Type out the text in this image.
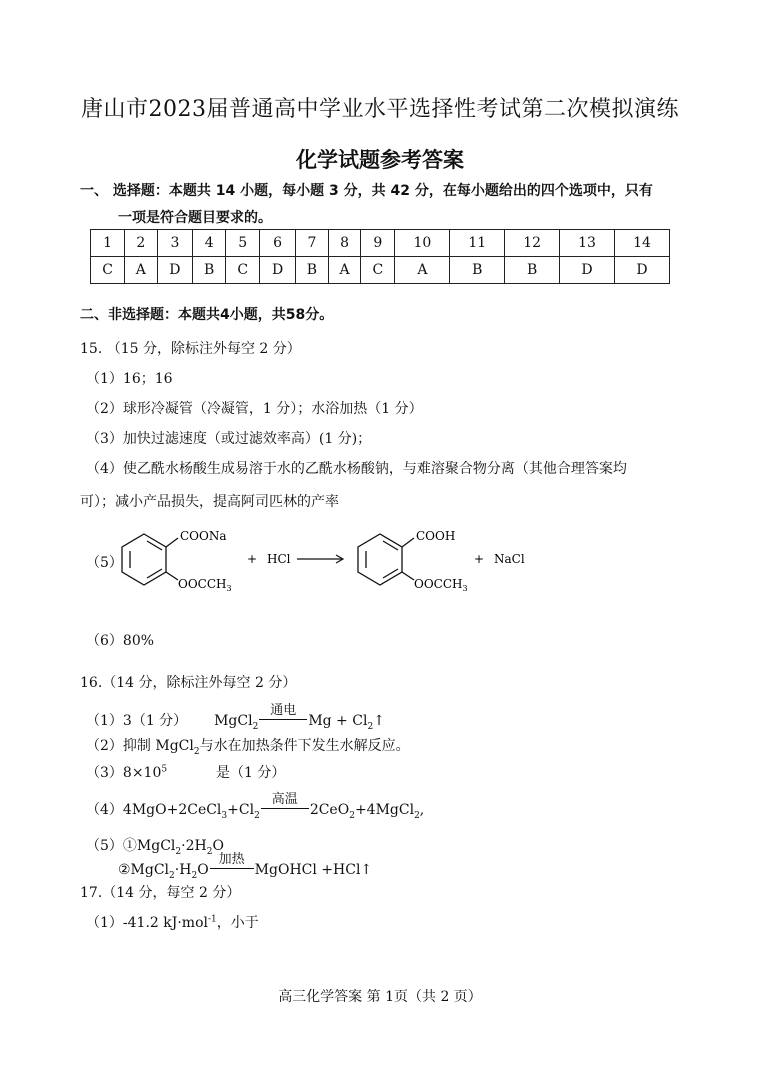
唐山市2023届普通高中学业水平选择性考试第二次模拟演练
化学试题参考答案
一、 选择题：本题共 14 小题，每小题 3 分，共 42 分，在每小题给出的四个选项中，只有
一项是符合题目要求的。
1	2	3	4	5	6	7	8	9	10	11	12	13	14
C	A	D	B	C	D	B	A	C	A	B	B	D	D
二、非选择题：本题共4小题，共58分。
15. （15 分，除标注外每空 2 分）
（1）16；16
（2）球形冷凝管（冷凝管，1 分）；水浴加热（1 分）
（3）加快过滤速度（或过滤效率高）(1 分)；
（4）使乙酰水杨酸生成易溶于水的乙酰水杨酸钠，与难溶聚合物分离（其他合理答案均
可）；减小产品损失，提高阿司匹林的产率
（5）
COONa
$OOCCH_3$
+ HCl
COOH
$OOCCH_3$
+ NaCl
（6）80%
16.（14 分，除标注外每空 2 分）
（1）3（1 分） MgCl$_2$
通电
$Mg + Cl_2↑$
（2）抑制 MgCl$_2$与水在加热条件下发生水解反应。
$(3)8\times 10^5$	是（1 分）
$(4)4MgO+2CeCl_3+Cl_2$
高温
2CeO$_2$+4MgCl$_2$,
$(5)①MgCl_2\cdot 2H_2O$
$②MgCl_2\cdot H_2O$
加热
MgOHCl +HCl↑
17.（14 分，每空 2 分）
（1）-41.2 kJ·mol$^{-1}$，小于
高三化学答案 第 1页（共 2 页）
